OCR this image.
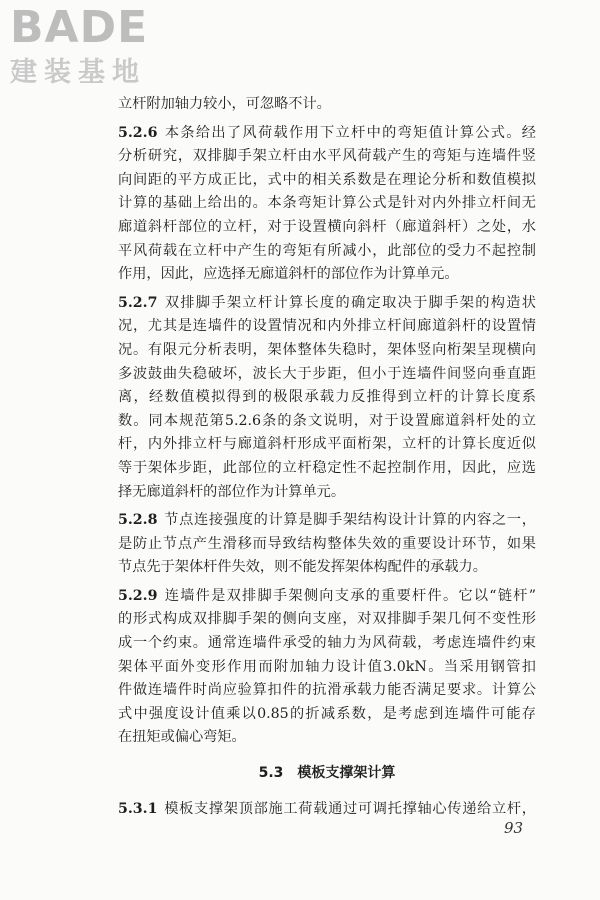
BADE
建装基地
立杆附加轴力较小，可忽略不计。
5.2.6 本条给出了风荷载作用下立杆中的弯矩值计算公式。经
分析研究，双排脚手架立杆由水平风荷载产生的弯矩与连墙件竖
向间距的平方成正比，式中的相关系数是在理论分析和数值模拟
计算的基础上给出的。本条弯矩计算公式是针对内外排立杆间无
廊道斜杆部位的立杆，对于设置横向斜杆（廊道斜杆）之处，水
平风荷载在立杆中产生的弯矩有所减小，此部位的受力不起控制
作用，因此，应选择无廊道斜杆的部位作为计算单元。
5.2.7 双排脚手架立杆计算长度的确定取决于脚手架的构造状
况，尤其是连墙件的设置情况和内外排立杆间廊道斜杆的设置情
况。有限元分析表明，架体整体失稳时，架体竖向桁架呈现横向
多波鼓曲失稳破坏，波长大于步距，但小于连墙件间竖向垂直距
离，经数值模拟得到的极限承载力反推得到立杆的计算长度系
数。同本规范第5.2.6条的条文说明，对于设置廊道斜杆处的立
杆，内外排立杆与廊道斜杆形成平面桁架，立杆的计算长度近似
等于架体步距，此部位的立杆稳定性不起控制作用，因此，应选
择无廊道斜杆的部位作为计算单元。
5.2.8 节点连接强度的计算是脚手架结构设计计算的内容之一，
是防止节点产生滑移而导致结构整体失效的重要设计环节，如果
节点先于架体杆件失效，则不能发挥架体构配件的承载力。
5.2.9 连墙件是双排脚手架侧向支承的重要杆件。它以“链杆”
的形式构成双排脚手架的侧向支座，对双排脚手架几何不变性形
成一个约束。通常连墙件承受的轴力为风荷载，考虑连墙件约束
架体平面外变形作用而附加轴力设计值3.0kN。当采用钢管扣
件做连墙件时尚应验算扣件的抗滑承载力能否满足要求。计算公
式中强度设计值乘以0.85的折减系数，是考虑到连墙件可能存
在扭矩或偏心弯矩。
5.3 模板支撑架计算
5.3.1 模板支撑架顶部施工荷载通过可调托撑轴心传递给立杆，
93
